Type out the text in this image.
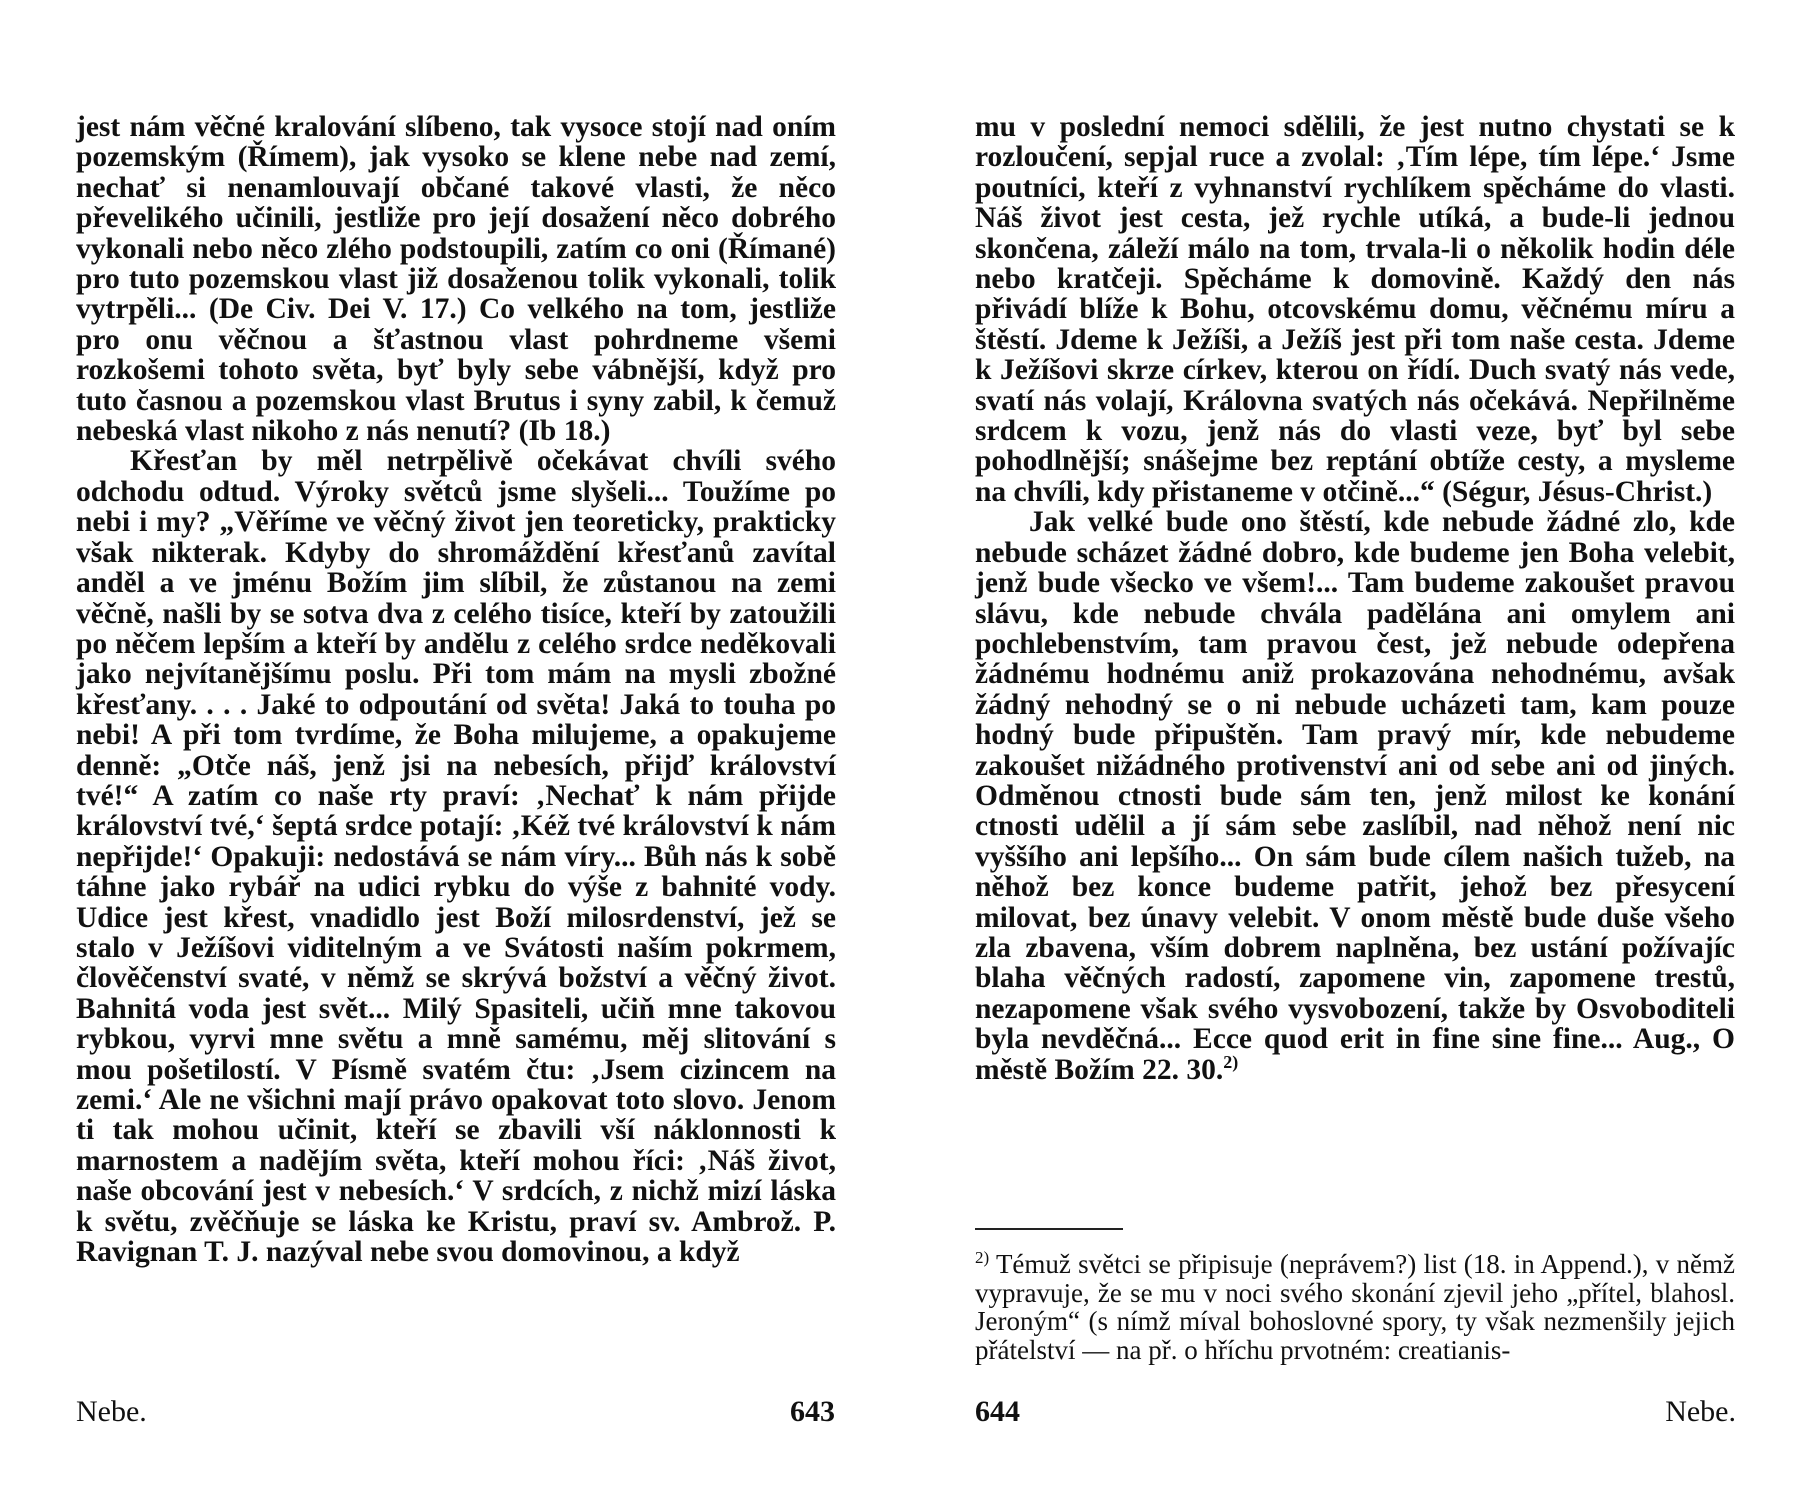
jest nám věčné kralování slíbeno, tak vysoce stojí nad oním pozemským (Římem), jak vysoko se klene nebe nad zemí, nechať si nenamlouvají občané takové vlasti, že něco převelikého učinili, jestliže pro její dosažení něco dobrého vykonali nebo něco zlého podstoupili, zatím co oni (Římané) pro tuto pozemskou vlast již dosaženou tolik vykonali, tolik vytrpěli... (De Civ. Dei V. 17.) Co velkého na tom, jestliže pro onu věčnou a šťastnou vlast pohrdneme všemi rozkošemi tohoto světa, byť byly sebe vábnější, když pro tuto časnou a pozemskou vlast Brutus i syny zabil, k čemuž nebeská vlast nikoho z nás nenutí? (Ib 18.)

Křesťan by měl netrpělivě očekávat chvíli svého odchodu odtud. Výroky světců jsme slyšeli... Toužíme po nebi i my? „Věříme ve věčný život jen teoreticky, prakticky však nikterak. Kdyby do shromáždění křesťanů zavítal anděl a ve jménu Božím jim slíbil, že zůstanou na zemi věčně, našli by se sotva dva z celého tisíce, kteří by zatoužili po něčem lepším a kteří by andělu z celého srdce neděkovali jako nejvítanějšímu poslu. Při tom mám na mysli zbožné křesťany. . . . Jaké to odpoutání od světa! Jaká to touha po nebi! A při tom tvrdíme, že Boha milujeme, a opakujeme denně: „Otče náš, jenž jsi na nebesích, přijď království tvé!“ A zatím co naše rty praví: ‚Nechať k nám přijde království tvé,‘ šeptá srdce potají: ‚Kéž tvé království k nám nepřijde!‘ Opakuji: nedostává se nám víry... Bůh nás k sobě táhne jako rybář na udici rybku do výše z bahnité vody. Udice jest křest, vnadidlo jest Boží milosrdenství, jež se stalo v Ježíšovi viditelným a ve Svátosti naším pokrmem, člověčenství svaté, v němž se skrývá božství a věčný život. Bahnitá voda jest svět... Milý Spasiteli, učiň mne takovou rybkou, vyrvi mne světu a mně samému, měj slitování s mou pošetilostí. V Písmě svatém čtu: ‚Jsem cizincem na zemi.‘ Ale ne všichni mají právo opakovat toto slovo. Jenom ti tak mohou učinit, kteří se zbavili vší náklonnosti k marnostem a nadějím světa, kteří mohou říci: ‚Náš život, naše obcování jest v nebesích.‘ V srdcích, z nichž mizí láska k světu, zvěčňuje se láska ke Kristu, praví sv. Ambrož. P. Ravignan T. J. nazýval nebe svou domovinou, a když

Nebe.	643

mu v poslední nemoci sdělili, že jest nutno chystati se k rozloučení, sepjal ruce a zvolal: ‚Tím lépe, tím lépe.‘ Jsme poutníci, kteří z vyhnanství rychlíkem spěcháme do vlasti. Náš život jest cesta, jež rychle utíká, a bude-li jednou skončena, záleží málo na tom, trvala-li o několik hodin déle nebo kratčeji. Spěcháme k domovině. Každý den nás přivádí blíže k Bohu, otcovskému domu, věčnému míru a štěstí. Jdeme k Ježíši, a Ježíš jest při tom naše cesta. Jdeme k Ježíšovi skrze církev, kterou on řídí. Duch svatý nás vede, svatí nás volají, Královna svatých nás očekává. Nepřilněme srdcem k vozu, jenž nás do vlasti veze, byť byl sebe pohodlnější; snášejme bez reptání obtíže cesty, a mysleme na chvíli, kdy přistaneme v otčině...“ (Ségur, Jésus-Christ.)

Jak velké bude ono štěstí, kde nebude žádné zlo, kde nebude scházet žádné dobro, kde budeme jen Boha velebit, jenž bude všecko ve všem!... Tam budeme zakoušet pravou slávu, kde nebude chvála padělána ani omylem ani pochlebenstvím, tam pravou čest, jež nebude odepřena žádnému hodnému aniž prokazována nehodnému, avšak žádný nehodný se o ni nebude ucházeti tam, kam pouze hodný bude připuštěn. Tam pravý mír, kde nebudeme zakoušet nižádného protivenství ani od sebe ani od jiných. Odměnou ctnosti bude sám ten, jenž milost ke konání ctnosti udělil a jí sám sebe zaslíbil, nad něhož není nic vyššího ani lepšího... On sám bude cílem našich tužeb, na něhož bez konce budeme patřit, jehož bez přesycení milovat, bez únavy velebit. V onom městě bude duše všeho zla zbavena, vším dobrem naplněna, bez ustání požívajíc blaha věčných radostí, zapomene vin, zapomene trestů, nezapomene však svého vysvobození, takže by Osvoboditeli byla nevděčná... Ecce quod erit in fine sine fine... Aug., O městě Božím 22. 30.$^{2)}$

$^{2)}$ Témuž světci se připisuje (neprávem?) list (18. in Append.), v němž vypravuje, že se mu v noci svého skonání zjevil jeho „přítel, blahosl. Jeroným“ (s nímž míval bohoslovné spory, ty však nezmenšily jejich přátelství — na př. o hříchu prvotném: creatianis-
644	Nebe.
